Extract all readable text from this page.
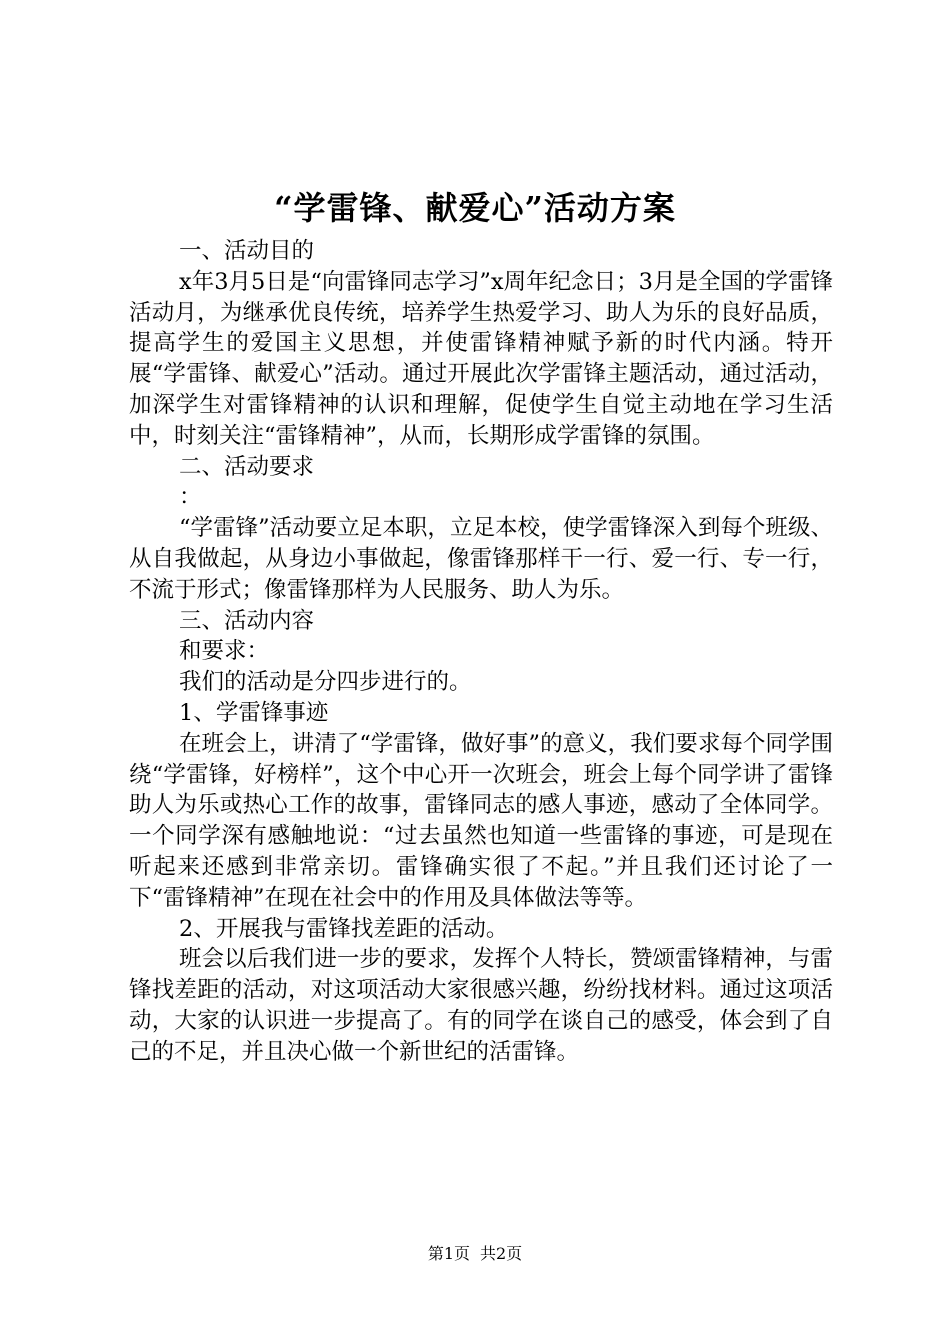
“学雷锋、献爱心”活动方案

一、活动目的

x年3月5日是“向雷锋同志学习”x周年纪念日；3月是全国的学雷锋活动月，为继承优良传统，培养学生热爱学习、助人为乐的良好品质，提高学生的爱国主义思想，并使雷锋精神赋予新的时代内涵。特开展“学雷锋、献爱心”活动。通过开展此次学雷锋主题活动，通过活动，加深学生对雷锋精神的认识和理解，促使学生自觉主动地在学习生活中，时刻关注“雷锋精神”，从而，长期形成学雷锋的氛围。

二、活动要求

：

“学雷锋”活动要立足本职，立足本校，使学雷锋深入到每个班级、从自我做起，从身边小事做起，像雷锋那样干一行、爱一行、专一行，不流于形式；像雷锋那样为人民服务、助人为乐。

三、活动内容

和要求：

我们的活动是分四步进行的。

1、学雷锋事迹

在班会上，讲清了“学雷锋，做好事”的意义，我们要求每个同学围绕“学雷锋，好榜样”，这个中心开一次班会，班会上每个同学讲了雷锋助人为乐或热心工作的故事，雷锋同志的感人事迹，感动了全体同学。一个同学深有感触地说：“过去虽然也知道一些雷锋的事迹，可是现在听起来还感到非常亲切。雷锋确实很了不起。”并且我们还讨论了一下“雷锋精神”在现在社会中的作用及具体做法等等。

2、开展我与雷锋找差距的活动。

班会以后我们进一步的要求，发挥个人特长，赞颂雷锋精神，与雷锋找差距的活动，对这项活动大家很感兴趣，纷纷找材料。通过这项活动，大家的认识进一步提高了。有的同学在谈自己的感受，体会到了自己的不足，并且决心做一个新世纪的活雷锋。

第1页 共2页
